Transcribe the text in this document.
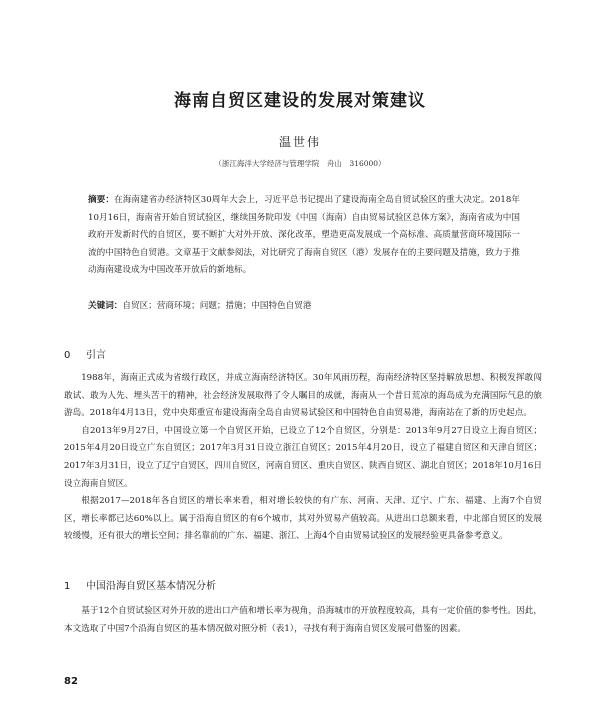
海南自贸区建设的发展对策建议
温世伟
（浙江海洋大学经济与管理学院　舟山　316000）
摘要：在海南建省办经济特区30周年大会上，习近平总书记提出了建设海南全岛自贸试验区的重大决定。2018年10月16日，海南省开始自贸试验区，继续国务院印发《中国（海南）自由贸易试验区总体方案》，海南省成为中国政府开发新时代的自贸区，要不断扩大对外开放、深化改革，塑造更高发展成一个高标准、高质量营商环境国际一流的中国特色自贸港。文章基于文献参阅法，对比研究了海南自贸区（港）发展存在的主要问题及措施，致力于推动海南建设成为中国改革开放后的新地标。
关键词：自贸区；营商环境；问题；措施；中国特色自贸港
0 引言

1988年，海南正式成为省级行政区，并成立海南经济特区。30年风雨历程，海南经济特区坚持解放思想、积极发挥敢闯敢试、敢为人先、埋头苦干的精神，社会经济发展取得了令人瞩目的成就，海南从一个昔日荒凉的海岛成为充满国际气息的旅游岛。2018年4月13日，党中央郑重宣布建设海南全岛自由贸易试验区和中国特色自由贸易港，海南站在了新的历史起点。

自2013年9月27日，中国设立第一个自贸区开始，已设立了12个自贸区，分别是：2013年9月27日设立上海自贸区；2015年4月20日设立广东自贸区；2017年3月31日设立浙江自贸区；2015年4月20日，设立了福建自贸区和天津自贸区；2017年3月31日，设立了辽宁自贸区，四川自贸区，河南自贸区、重庆自贸区、陕西自贸区、湖北自贸区；2018年10月16日设立海南自贸区。

根据2017—2018年各自贸区的增长率来看，相对增长较快的有广东、河南、天津、辽宁、广东、福建、上海7个自贸区，增长率都已达60%以上。属于沿海自贸区的有6个城市，其对外贸易产值较高。从进出口总额来看，中北部自贸区的发展较缓慢，还有很大的增长空间；排名靠前的广东、福建、浙江、上海4个自由贸易试验区的发展经验更具备参考意义。

1 中国沿海自贸区基本情况分析

基于12个自贸试验区对外开放的进出口产值和增长率为视角，沿海城市的开放程度较高，具有一定价值的参考性。因此，本文选取了中国7个沿海自贸区的基本情况做对照分析（表1），寻找有利于海南自贸区发展可借鉴的因素。

82
